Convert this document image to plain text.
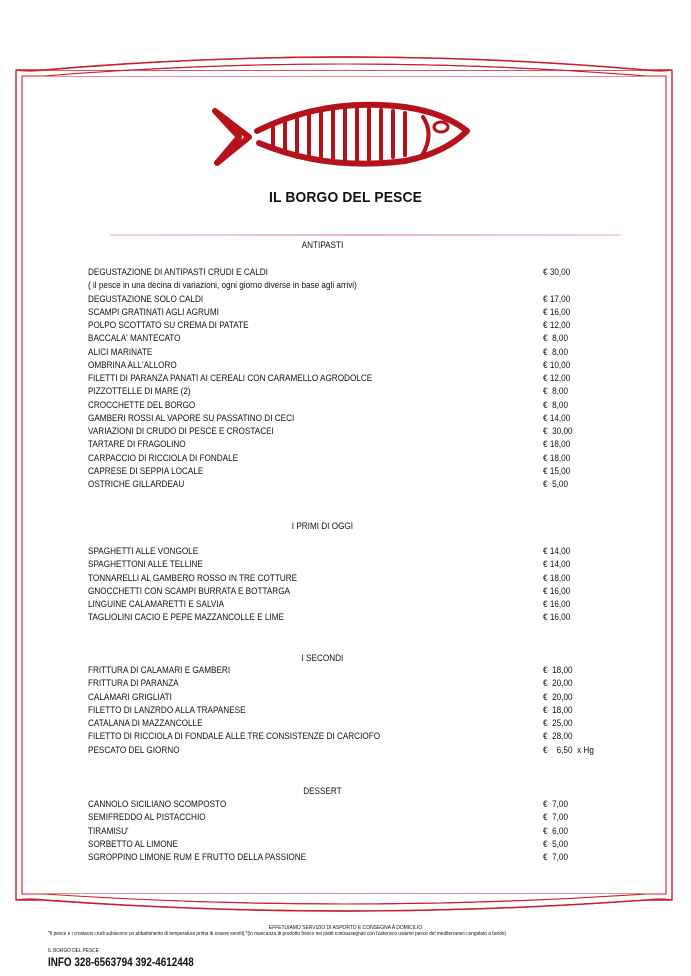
IL BORGO DEL PESCE
ANTIPASTI
DEGUSTAZIONE DI ANTIPASTI CRUDI E CALDI	€ 30,00
( il pesce in una decina di variazioni, ogni giorno diverse in base agli arrivi)
DEGUSTAZIONE SOLO CALDI	€ 17,00
SCAMPI GRATINATI AGLI AGRUMI	€ 16,00
POLPO SCOTTATO SU CREMA DI PATATE	€ 12,00
BACCALA' MANTECATO	€  8,00
ALICI MARINATE	€  8,00
OMBRINA ALL'ALLORO	€ 10,00
FILETTI DI PARANZA PANATI AI CEREALI CON CARAMELLO AGRODOLCE	€ 12,00
PIZZOTTELLE DI MARE (2)	€  8,00
CROCCHETTE DEL BORGO	€  8,00
GAMBERI ROSSI AL VAPORE SU PASSATINO DI CECI	€ 14,00
VARIAZIONI DI CRUDO DI PESCE E CROSTACEI	€  30,00
TARTARE DI FRAGOLINO	€ 18,00
CARPACCIO DI RICCIOLA DI FONDALE	€ 18,00
CAPRESE DI SEPPIA LOCALE	€ 15,00
OSTRICHE GILLARDEAU	€  5,00
I PRIMI DI OGGI
SPAGHETTI ALLE VONGOLE	€ 14,00
SPAGHETTONI ALLE TELLINE	€ 14,00
TONNARELLI AL GAMBERO ROSSO IN TRE COTTURE	€ 18,00
GNOCCHETTI CON SCAMPI BURRATA E BOTTARGA	€ 16,00
LINGUINE CALAMARETTI E SALVIA	€ 16,00
TAGLIOLINI CACIO E PEPE MAZZANCOLLE E LIME	€ 16,00
I SECONDI
FRITTURA DI CALAMARI E GAMBERI	€  18,00
FRITTURA DI PARANZA	€  20,00
CALAMARI GRIGLIATI	€  20,00
FILETTO DI LANZRDO ALLA TRAPANESE	€  18,00
CATALANA DI MAZZANCOLLE	€  25,00
FILETTO DI RICCIOLA DI FONDALE ALLE TRE CONSISTENZE DI CARCIOFO	€  28,00
PESCATO DEL GIORNO	€    6,50  x Hg
DESSERT
CANNOLO SICILIANO SCOMPOSTO	€  7,00
SEMIFREDDO AL PISTACCHIO	€  7,00
TIRAMISU'	€  6,00
SORBETTO AL LIMONE	€  5,00
SGROPPINO LIMONE RUM E FRUTTO DELLA PASSIONE	€  7,00
EFFETUIAMO SERVIZIO DI ASPORTO E CONSEGNA A DOMICILIO
*Il pesce e i crostacei crudi subiscono un abbattimento di temperatura prima di essere serviti) *(in mancanza di prodotto fresco nei piatti contrassegnati con l'asterisco usiamo pesce del mediterraneo congelato a bordo)
IL BORGO DEL PESCE
INFO 328-6563794 392-4612448
